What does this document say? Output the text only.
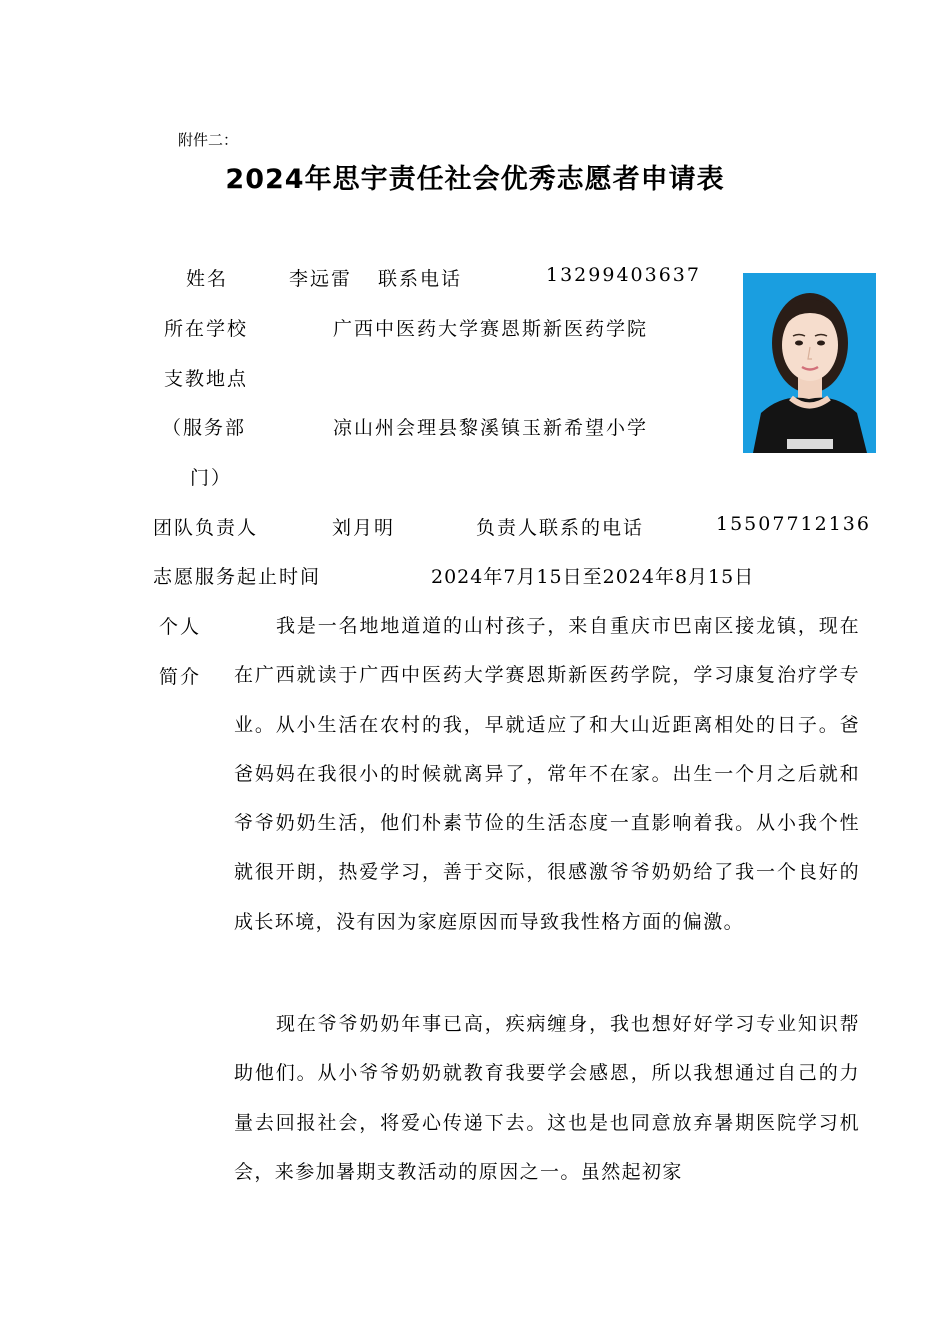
附件二：
2024年思宇责任社会优秀志愿者申请表
姓名	李远雷 联系电话	13299403637
所在学校	广西中医药大学赛恩斯新医药学院
支教地点
（服务部	凉山州会理县黎溪镇玉新希望小学
门）
团队负责人	刘月明	负责人联系的电话	15507712136
志愿服务起止时间	2024年7月15日至2024年8月15日
个人
简介
我是一名地地道道的山村孩子，来自重庆市巴南区接龙镇，现在在广西就读于广西中医药大学赛恩斯新医药学院，学习康复治疗学专业。从小生活在农村的我，早就适应了和大山近距离相处的日子。爸爸妈妈在我很小的时候就离异了，常年不在家。出生一个月之后就和爷爷奶奶生活，他们朴素节俭的生活态度一直影响着我。从小我个性就很开朗，热爱学习，善于交际，很感激爷爷奶奶给了我一个良好的成长环境，没有因为家庭原因而导致我性格方面的偏激。
现在爷爷奶奶年事已高，疾病缠身，我也想好好学习专业知识帮助他们。从小爷爷奶奶就教育我要学会感恩，所以我想通过自己的力量去回报社会，将爱心传递下去。这也是也同意放弃暑期医院学习机会，来参加暑期支教活动的原因之一。虽然起初家
